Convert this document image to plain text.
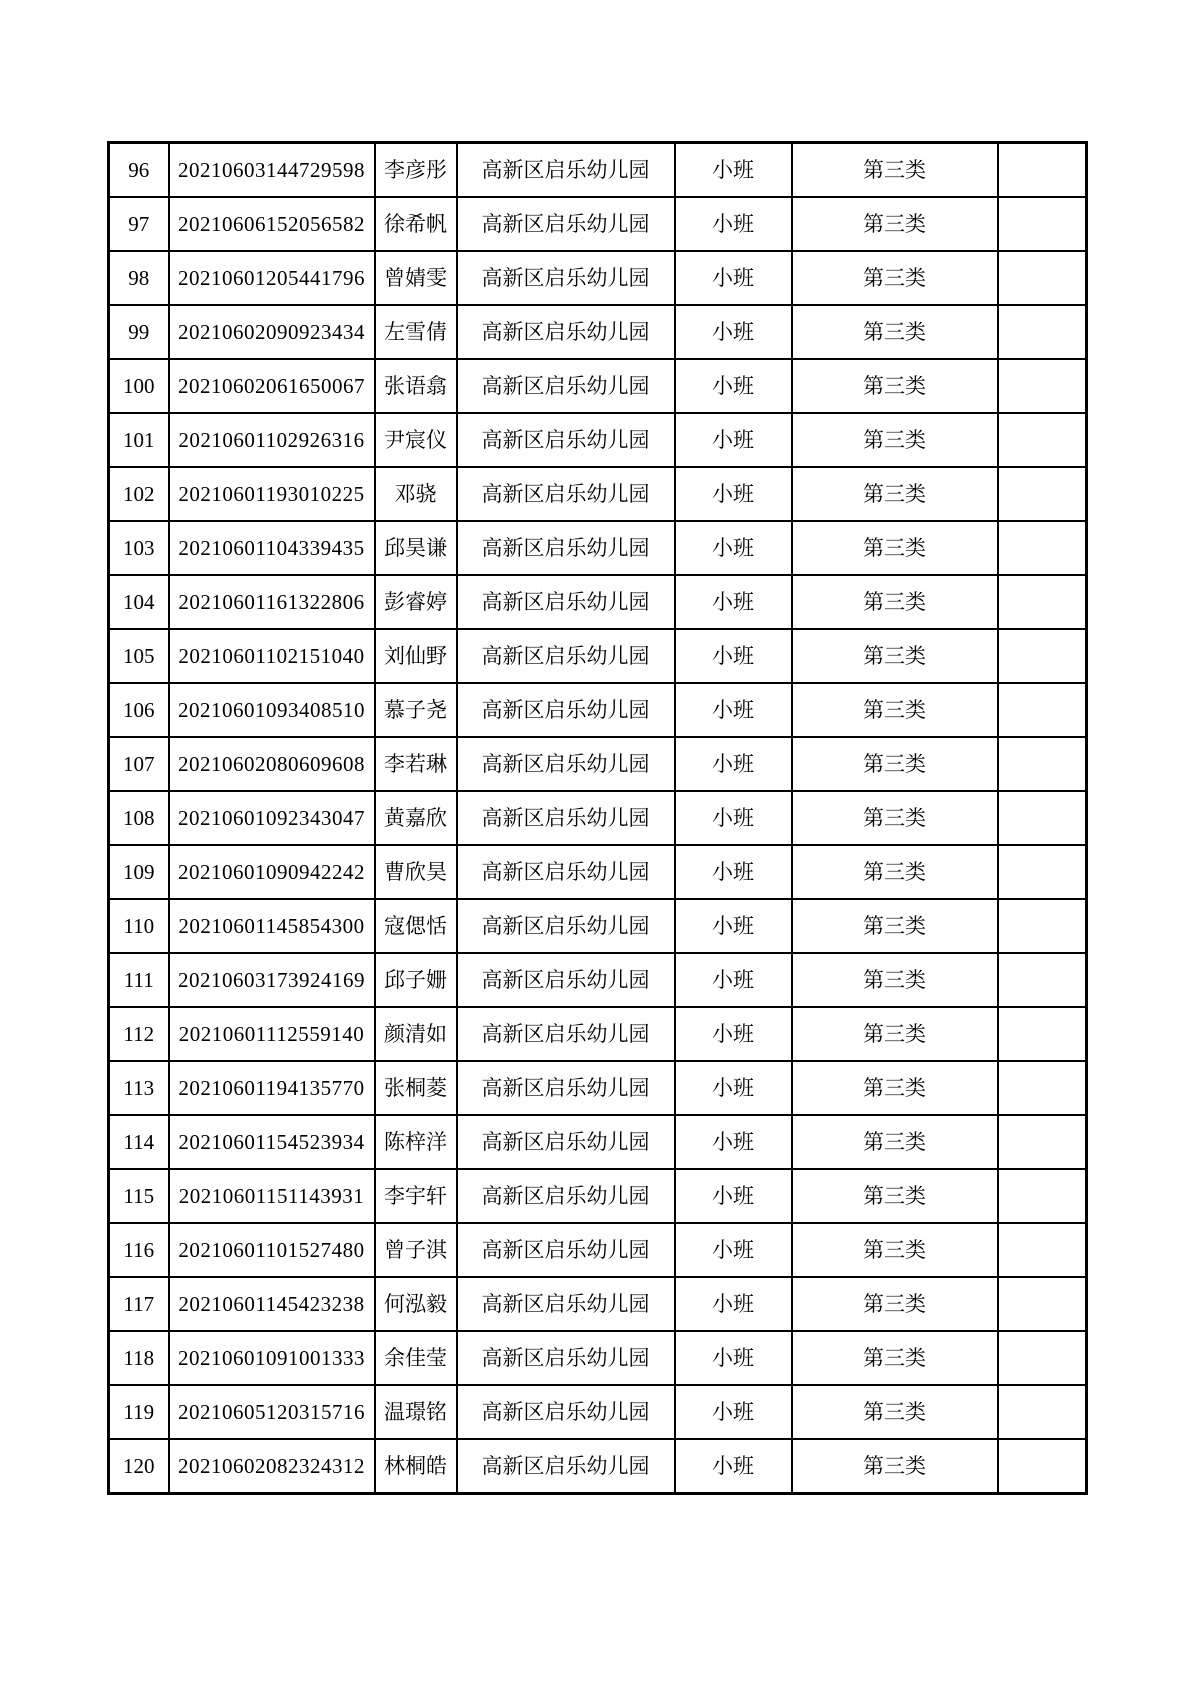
96	20210603144729598	李彦彤	高新区启乐幼儿园	小班	第三类	
97	20210606152056582	徐希帆	高新区启乐幼儿园	小班	第三类	
98	20210601205441796	曾婧雯	高新区启乐幼儿园	小班	第三类	
99	20210602090923434	左雪倩	高新区启乐幼儿园	小班	第三类	
100	20210602061650067	张语翕	高新区启乐幼儿园	小班	第三类	
101	20210601102926316	尹宸仪	高新区启乐幼儿园	小班	第三类	
102	20210601193010225	邓骁	高新区启乐幼儿园	小班	第三类	
103	20210601104339435	邱昊谦	高新区启乐幼儿园	小班	第三类	
104	20210601161322806	彭睿婷	高新区启乐幼儿园	小班	第三类	
105	20210601102151040	刘仙野	高新区启乐幼儿园	小班	第三类	
106	20210601093408510	慕子尧	高新区启乐幼儿园	小班	第三类	
107	20210602080609608	李若琳	高新区启乐幼儿园	小班	第三类	
108	20210601092343047	黄嘉欣	高新区启乐幼儿园	小班	第三类	
109	20210601090942242	曹欣昊	高新区启乐幼儿园	小班	第三类	
110	20210601145854300	寇偲恬	高新区启乐幼儿园	小班	第三类	
111	20210603173924169	邱子姗	高新区启乐幼儿园	小班	第三类	
112	20210601112559140	颜清如	高新区启乐幼儿园	小班	第三类	
113	20210601194135770	张桐菱	高新区启乐幼儿园	小班	第三类	
114	20210601154523934	陈梓洋	高新区启乐幼儿园	小班	第三类	
115	20210601151143931	李宇轩	高新区启乐幼儿园	小班	第三类	
116	20210601101527480	曾子淇	高新区启乐幼儿园	小班	第三类	
117	20210601145423238	何泓毅	高新区启乐幼儿园	小班	第三类	
118	20210601091001333	余佳莹	高新区启乐幼儿园	小班	第三类	
119	20210605120315716	温璟铭	高新区启乐幼儿园	小班	第三类	
120	20210602082324312	林桐皓	高新区启乐幼儿园	小班	第三类	
